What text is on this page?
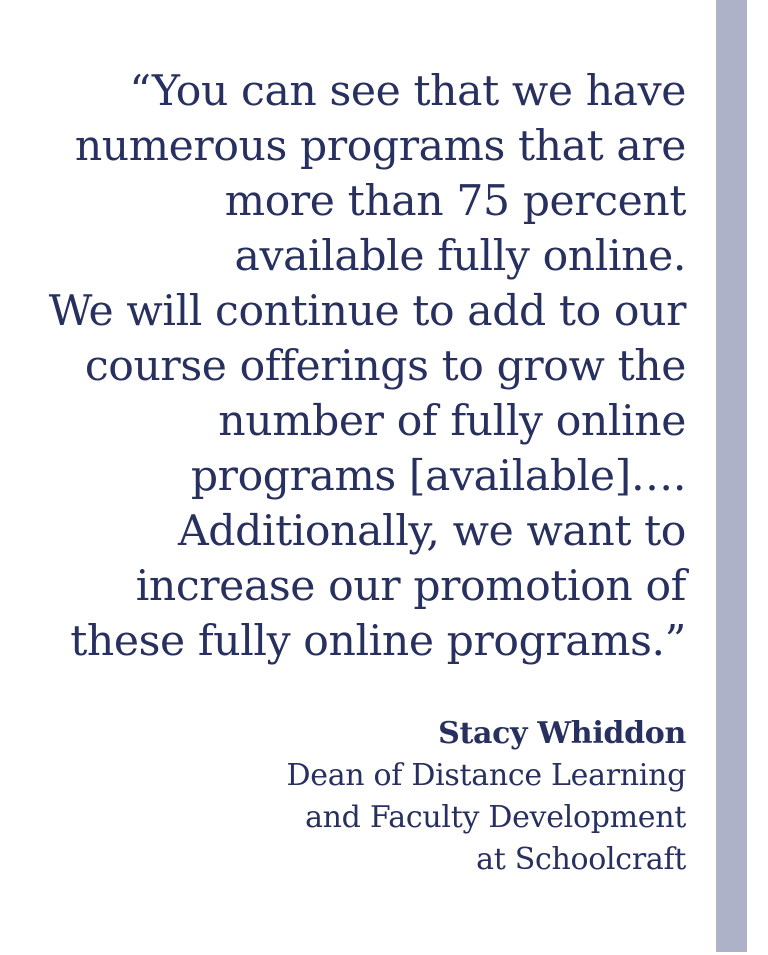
“You can see that we have
numerous programs that are
more than 75 percent
available fully online.
We will continue to add to our
course offerings to grow the
number of fully online
programs [available]….
Additionally, we want to
increase our promotion of
these fully online programs.”
Stacy Whiddon
Dean of Distance Learning
and Faculty Development
at Schoolcraft
